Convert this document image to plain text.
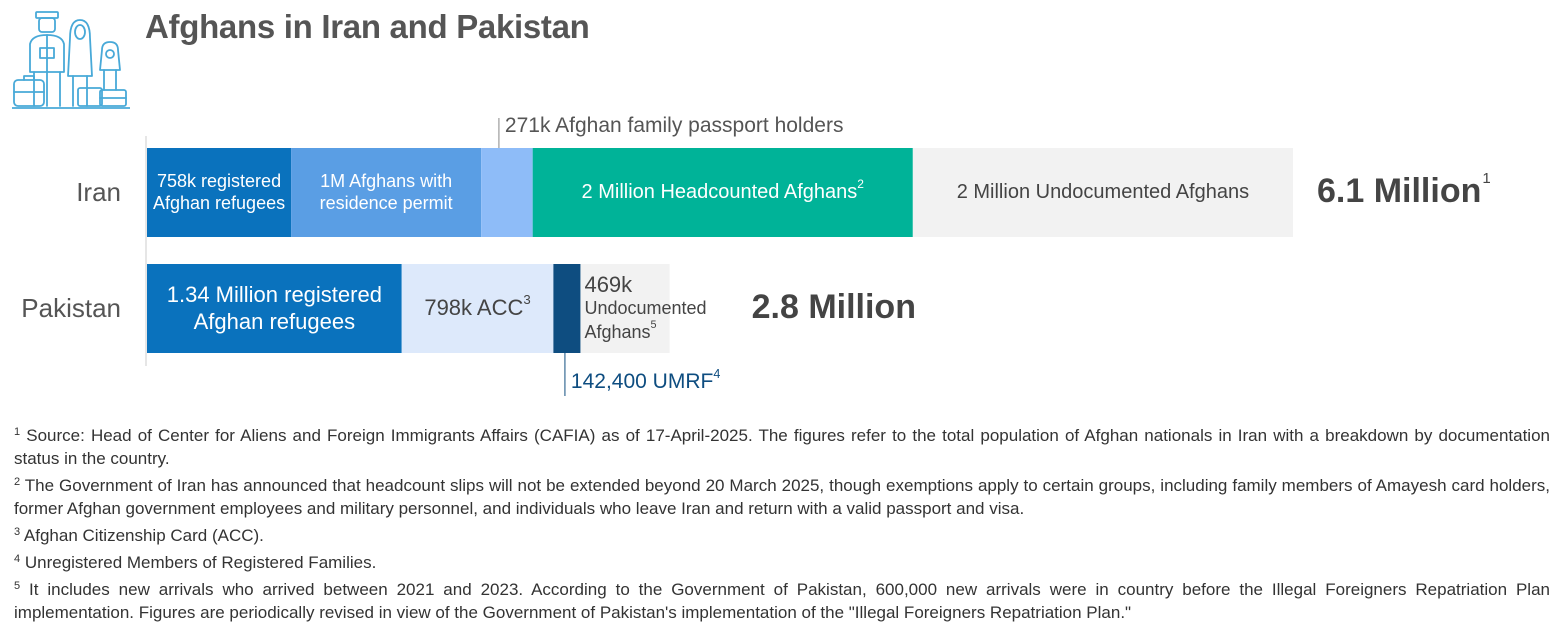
Afghans in Iran and Pakistan
Iran	758k registered Afghan refugees
1M Afghans with residence permit	2 Million Headcounted Afghans$^2$	2 Million Undocumented Afghans
271k Afghan family passport holders
6.1 Million$^1$
Pakistan	1.34 Million registered Afghan refugees
798k ACC$^3$
469k
Undocumented Afghans$^5$
142,400 UMRF$^4$
2.8 Million

$^1$ Source: Head of Center for Aliens and Foreign Immigrants Affairs (CAFIA) as of 17-April-2025. The figures refer to the total population of Afghan nationals in Iran with a breakdown by documentation status in the country.

$^2$ The Government of Iran has announced that headcount slips will not be extended beyond 20 March 2025, though exemptions apply to certain groups, including family members of Amayesh card holders, former Afghan government employees and military personnel, and individuals who leave Iran and return with a valid passport and visa.

$^3$ Afghan Citizenship Card (ACC).

$^4$ Unregistered Members of Registered Families.

$^5$ It includes new arrivals who arrived between 2021 and 2023. According to the Government of Pakistan, 600,000 new arrivals were in country before the Illegal Foreigners Repatriation Plan implementation. Figures are periodically revised in view of the Government of Pakistan's implementation of the "Illegal Foreigners Repatriation Plan."
